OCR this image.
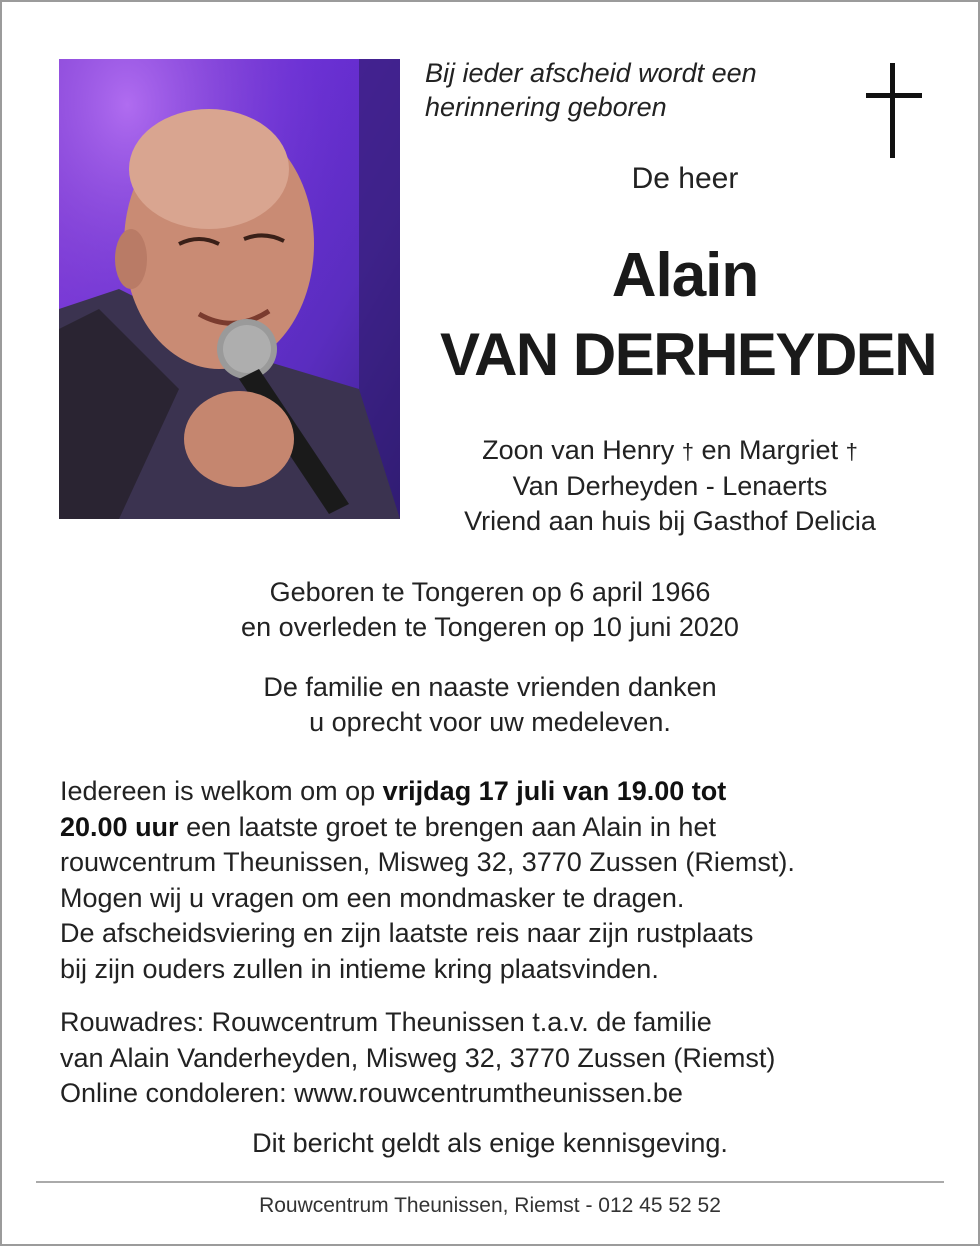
Bij ieder afscheid wordt een
herinnering geboren
De heer
Alain
VAN DERHEYDEN
Zoon van Henry † en Margriet †
Van Derheyden - Lenaerts
Vriend aan huis bij Gasthof Delicia
Geboren te Tongeren op 6 april 1966
en overleden te Tongeren op 10 juni 2020
De familie en naaste vrienden danken
u oprecht voor uw medeleven.
Iedereen is welkom om op vrijdag 17 juli van 19.00 tot
20.00 uur een laatste groet te brengen aan Alain in het
rouwcentrum Theunissen, Misweg 32, 3770 Zussen (Riemst).
Mogen wij u vragen om een mondmasker te dragen.
De afscheidsviering en zijn laatste reis naar zijn rustplaats
bij zijn ouders zullen in intieme kring plaatsvinden.
Rouwadres: Rouwcentrum Theunissen t.a.v. de familie
van Alain Vanderheyden, Misweg 32, 3770 Zussen (Riemst)
Online condoleren: www.rouwcentrumtheunissen.be
Dit bericht geldt als enige kennisgeving.
Rouwcentrum Theunissen, Riemst - 012 45 52 52
